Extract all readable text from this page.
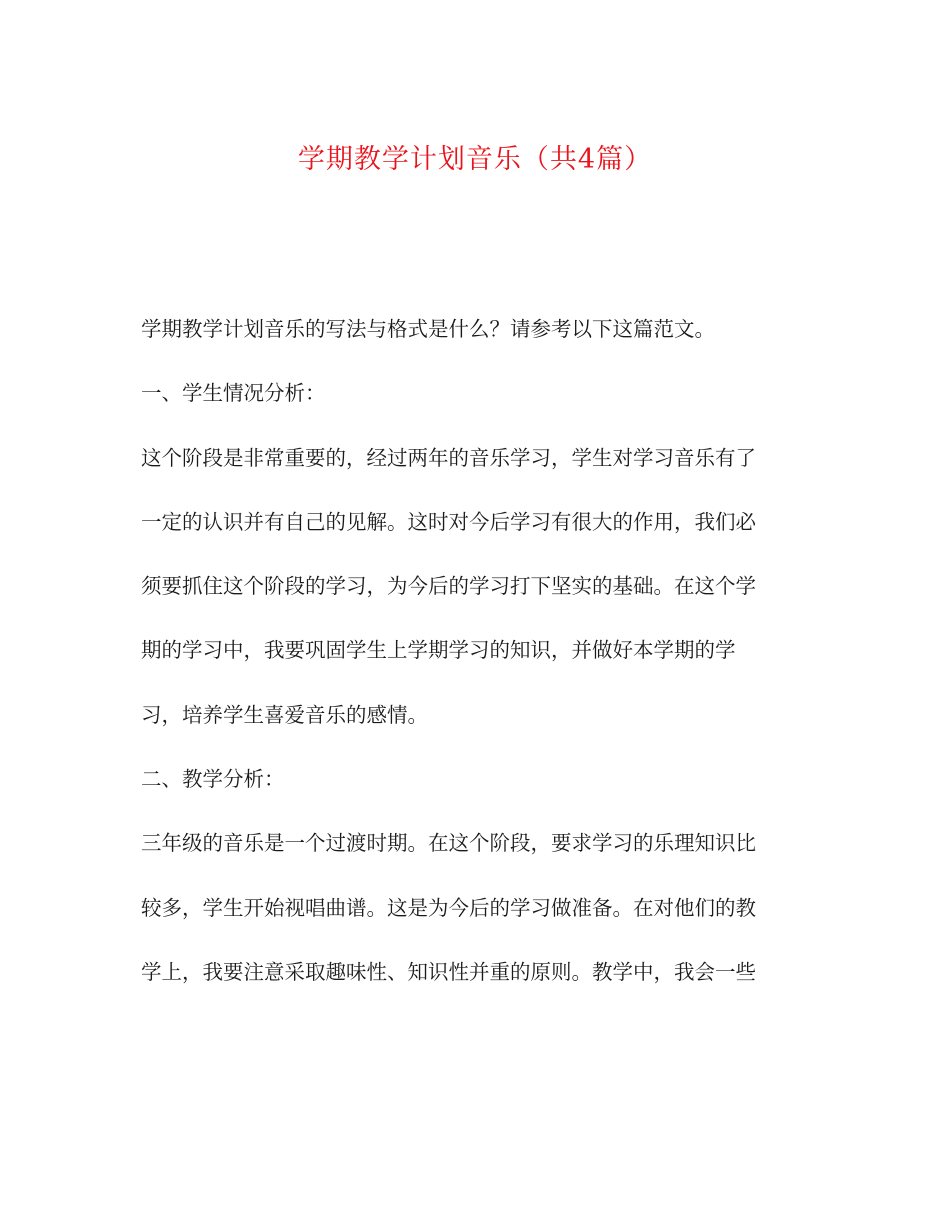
学期教学计划音乐（共4篇）

学期教学计划音乐的写法与格式是什么？请参考以下这篇范文。

一、学生情况分析：

这个阶段是非常重要的，经过两年的音乐学习，学生对学习音乐有了

一定的认识并有自己的见解。这时对今后学习有很大的作用，我们必

须要抓住这个阶段的学习，为今后的学习打下坚实的基础。在这个学

期的学习中，我要巩固学生上学期学习的知识，并做好本学期的学

习，培养学生喜爱音乐的感情。

二、教学分析：

三年级的音乐是一个过渡时期。在这个阶段，要求学习的乐理知识比

较多，学生开始视唱曲谱。这是为今后的学习做准备。在对他们的教

学上，我要注意采取趣味性、知识性并重的原则。教学中，我会一些
